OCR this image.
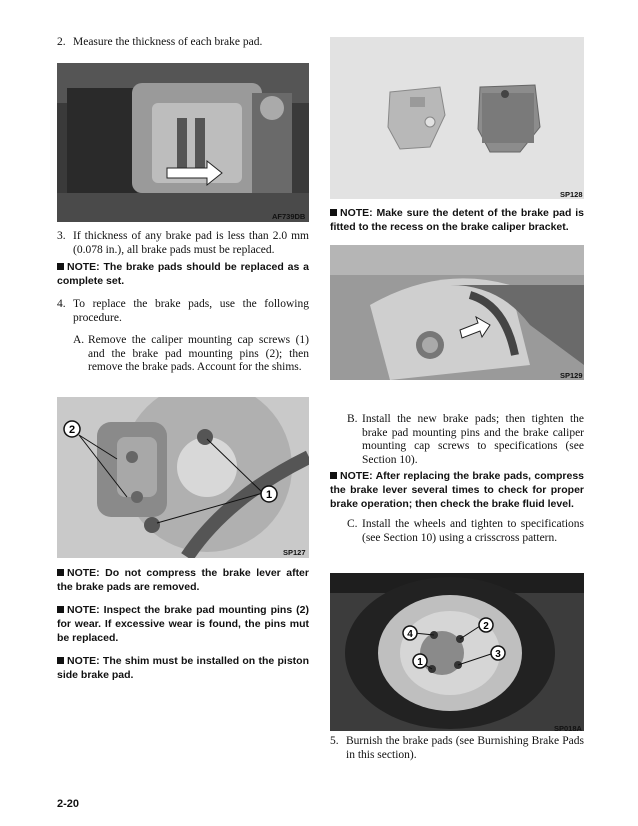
2. Measure the thickness of each brake pad.
AF739DB
3. If thickness of any brake pad is less than 2.0 mm (0.078 in.), all brake pads must be replaced.
NOTE: The brake pads should be replaced as a complete set.
4. To replace the brake pads, use the following procedure.
A. Remove the caliper mounting cap screws (1) and the brake pad mounting pins (2); then remove the brake pads. Account for the shims.
2
1
SP127
NOTE: Do not compress the brake lever after the brake pads are removed.
NOTE: Inspect the brake pad mounting pins (2) for wear. If excessive wear is found, the pins mut be replaced.
NOTE: The shim must be installed on the piston side brake pad.
SP128
NOTE: Make sure the detent of the brake pad is fitted to the recess on the brake caliper bracket.
SP129
B. Install the new brake pads; then tighten the brake pad mounting pins and the brake caliper mounting cap screws to specifications (see Section 10).
NOTE: After replacing the brake pads, compress the brake lever several times to check for proper brake operation; then check the brake fluid level.
C. Install the wheels and tighten to specifications (see Section 10) using a crisscross pattern.
4
2
3
1
SP018A
5. Burnish the brake pads (see Burnishing Brake Pads in this section).
2-20
